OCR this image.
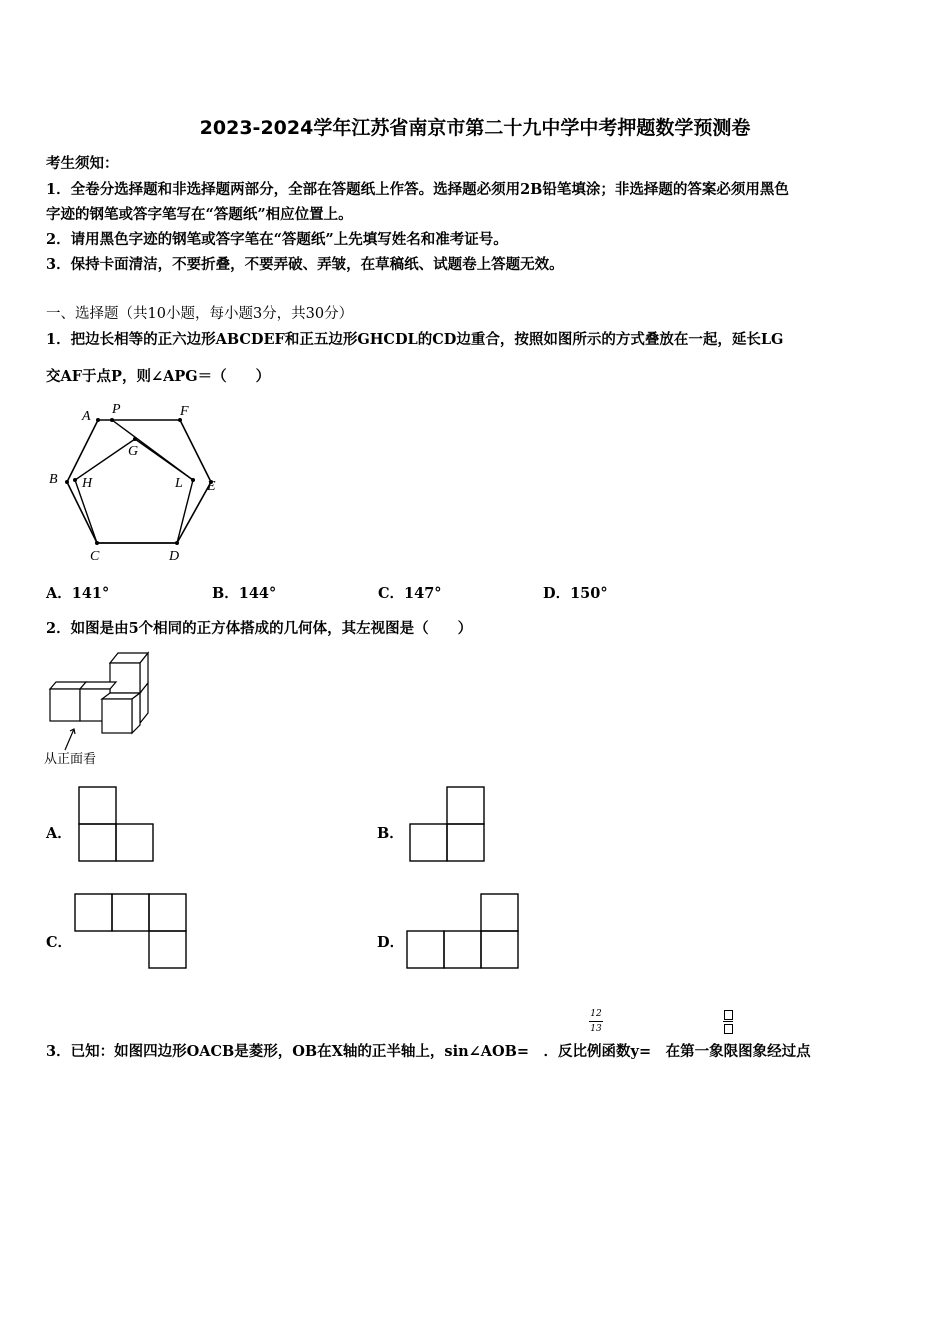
2023-2024学年江苏省南京市第二十九中学中考押题数学预测卷
考生须知：
1．全卷分选择题和非选择题两部分，全部在答题纸上作答。选择题必须用2B铅笔填涂；非选择题的答案必须用黑色
字迹的钢笔或答字笔写在“答题纸”相应位置上。
2．请用黑色字迹的钢笔或答字笔在“答题纸”上先填写姓名和准考证号。
3．保持卡面清洁，不要折叠，不要弄破、弄皱，在草稿纸、试题卷上答题无效。
一、选择题（共10小题，每小题3分，共30分）
1．把边长相等的正六边形ABCDEF和正五边形GHCDL的CD边重合，按照如图所示的方式叠放在一起，延长LG
交AF于点P，则∠APG＝（　　）
A P	F
G
B H	L E
C	D
A．141°	B．144°	C．147°	D．150°
2．如图是由5个相同的正方体搭成的几何体，其左视图是（　　）
从正面看
A．	B．
C．	D．
12
13
3．已知：如图四边形OACB是菱形，OB在X轴的正半轴上，sin∠AOB=　．反比例函数y=　在第一象限图象经过点
